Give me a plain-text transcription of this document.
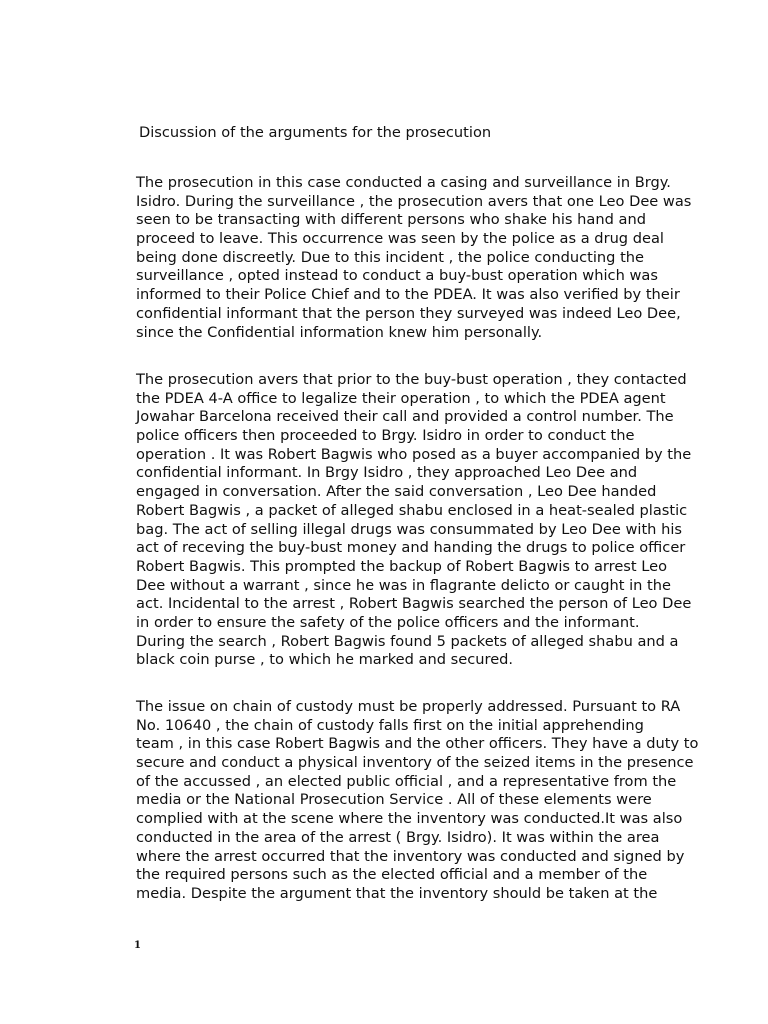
Discussion of the arguments for the prosecution
The prosecution in this case conducted a casing and surveillance in Brgy.
Isidro. During the surveillance , the prosecution avers that one Leo Dee was
seen to be transacting with different persons who shake his hand and
proceed to leave. This occurrence was seen by the police as a drug deal
being done discreetly. Due to this incident , the police conducting the
surveillance , opted instead to conduct a buy-bust operation which was
informed to their Police Chief and to the PDEA. It was also verified by their
confidential informant that the person they surveyed was indeed Leo Dee,
since the Confidential information knew him personally.
The prosecution avers that prior to the buy-bust operation , they contacted
the PDEA 4-A office to legalize their operation , to which the PDEA agent
Jowahar Barcelona received their call and provided a control number. The
police officers then proceeded to Brgy. Isidro in order to conduct the
operation . It was Robert Bagwis who posed as a buyer accompanied by the
confidential informant. In Brgy Isidro , they approached Leo Dee and
engaged in conversation. After the said conversation , Leo Dee handed
Robert Bagwis , a packet of alleged shabu enclosed in a heat-sealed plastic
bag. The act of selling illegal drugs was consummated by Leo Dee with his
act of receving the buy-bust money and handing the drugs to police officer
Robert Bagwis. This prompted the backup of Robert Bagwis to arrest Leo
Dee without a warrant , since he was in flagrante delicto or caught in the
act. Incidental to the arrest , Robert Bagwis searched the person of Leo Dee
in order to ensure the safety of the police officers and the informant.
During the search , Robert Bagwis found 5 packets of alleged shabu and a
black coin purse , to which he marked and secured.
The issue on chain of custody must be properly addressed. Pursuant to RA
No. 10640 , the chain of custody falls first on the initial apprehending
team , in this case Robert Bagwis and the other officers. They have a duty to
secure and conduct a physical inventory of the seized items in the presence
of the accussed , an elected public official , and a representative from the
media or the National Prosecution Service . All of these elements were
complied with at the scene where the inventory was conducted.It was also
conducted in the area of the arrest ( Brgy. Isidro). It was within the area
where the arrest occurred that the inventory was conducted and signed by
the required persons such as the elected official and a member of the
media. Despite the argument that the inventory should be taken at the
1
